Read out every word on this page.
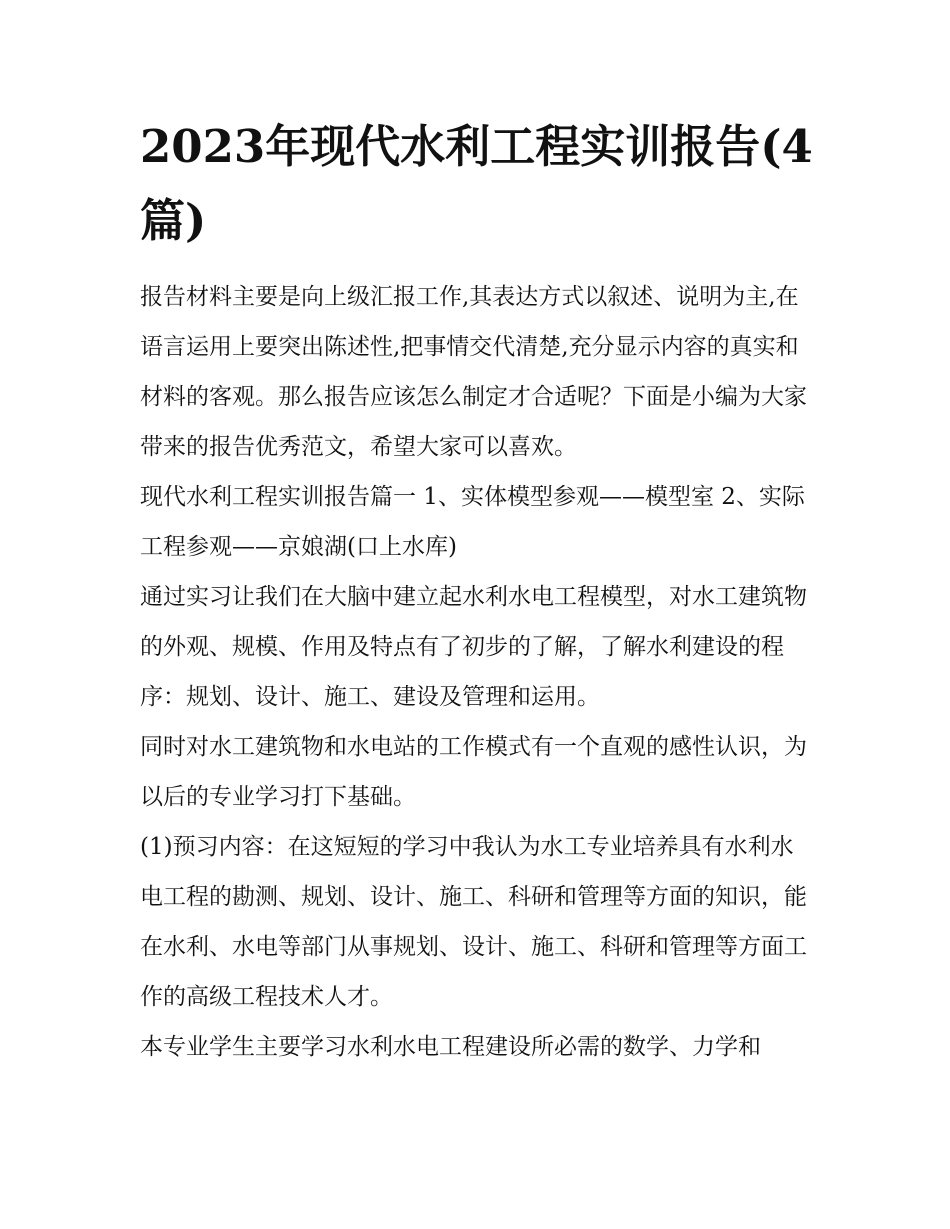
2023年现代水利工程实训报告(4篇)

报告材料主要是向上级汇报工作,其表达方式以叙述、说明为主,在语言运用上要突出陈述性,把事情交代清楚,充分显示内容的真实和材料的客观。那么报告应该怎么制定才合适呢？下面是小编为大家带来的报告优秀范文，希望大家可以喜欢。

现代水利工程实训报告篇一 1、实体模型参观——模型室 2、实际工程参观——京娘湖(口上水库)

通过实习让我们在大脑中建立起水利水电工程模型，对水工建筑物的外观、规模、作用及特点有了初步的了解，了解水利建设的程序：规划、设计、施工、建设及管理和运用。

同时对水工建筑物和水电站的工作模式有一个直观的感性认识，为以后的专业学习打下基础。

(1)预习内容：在这短短的学习中我认为水工专业培养具有水利水电工程的勘测、规划、设计、施工、科研和管理等方面的知识，能在水利、水电等部门从事规划、设计、施工、科研和管理等方面工作的高级工程技术人才。

本专业学生主要学习水利水电工程建设所必需的数学、力学和
